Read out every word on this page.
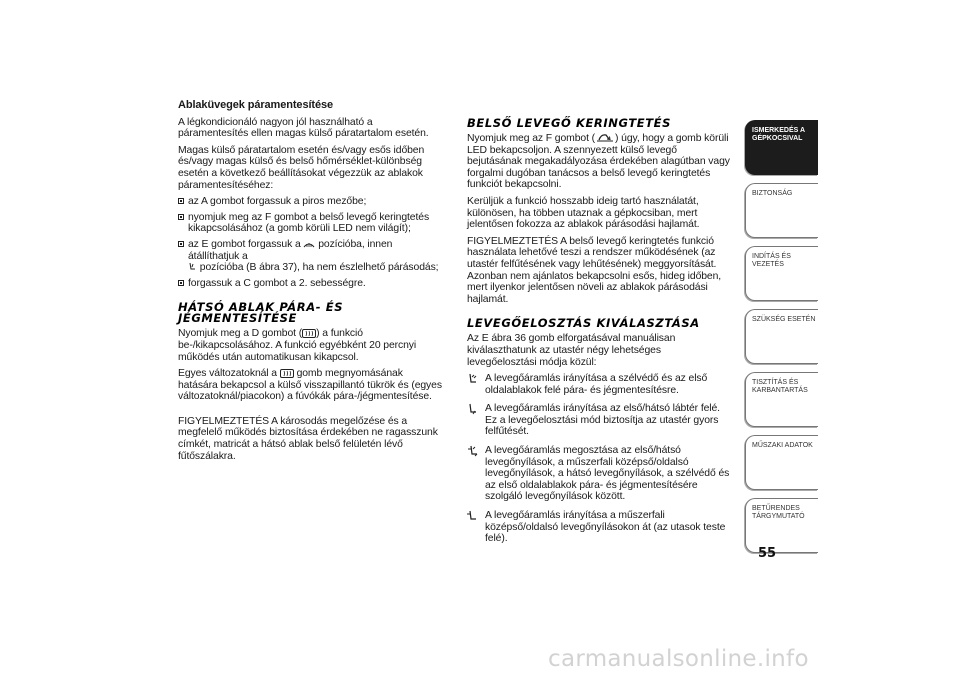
Ablaküvegek páramentesítése

A légkondicionáló nagyon jól használható a páramentesítés ellen magas külső páratartalom esetén.

Magas külső páratartalom esetén és/vagy esős időben és/vagy magas külső és belső hőmérséklet-különbség esetén a következő beállításokat végezzük az ablakok páramentesítéséhez:

az A gombot forgassuk a piros mezőbe;
nyomjuk meg az F gombot a belső levegő keringtetés kikapcsolásához (a gomb körüli LED nem világít);
az E gombot forgassuk a pozícióba, innen átállíthatjuk a
pozícióba (B ábra 37), ha nem észlelhető párásodás;
forgassuk a C gombot a 2. sebességre.
HÁTSÓ ABLAK PÁRA- ÉS JÉGMENTESÍTÉSE

Nyomjuk meg a D gombot ( ) a funkció be-/kikapcsolásához. A funkció egyébként 20 percnyi működés után automatikusan kikapcsol.

Egyes változatoknál a gomb megnyomásának hatására bekapcsol a külső visszapillantó tükrök és (egyes változatoknál/piacokon) a fúvókák pára-/jégmentesítése.

FIGYELMEZTETÉS A károsodás megelőzése és a megfelelő működés biztosítása érdekében ne ragasszunk címkét, matricát a hátsó ablak belső felületén lévő fűtőszálakra.

BELSŐ LEVEGŐ KERINGTETÉS

Nyomjuk meg az F gombot ( ) úgy, hogy a gomb körüli LED bekapcsoljon. A szennyezett külső levegő bejutásának megakadályozása érdekében alagútban vagy forgalmi dugóban tanácsos a belső levegő keringtetés funkciót bekapcsolni.

Kerüljük a funkció hosszabb ideig tartó használatát, különösen, ha többen utaznak a gépkocsiban, mert jelentősen fokozza az ablakok párásodási hajlamát.

FIGYELMEZTETÉS A belső levegő keringtetés funkció használata lehetővé teszi a rendszer működésének (az utastér felfűtésének vagy lehűtésének) meggyorsítását. Azonban nem ajánlatos bekapcsolni esős, hideg időben, mert ilyenkor jelentősen növeli az ablakok párásodási hajlamát.

LEVEGŐELOSZTÁS KIVÁLASZTÁSA

Az E ábra 36 gomb elforgatásával manuálisan kiválaszthatunk az utastér négy lehetséges levegőelosztási módja közül:

A levegőáramlás irányítása a szélvédő és az első oldalablakok felé pára- és jégmentesítésre.
A levegőáramlás irányítása az első/hátsó lábtér felé. Ez a levegőelosztási mód biztosítja az utastér gyors felfűtését.
A levegőáramlás megosztása az első/hátsó levegőnyílások, a műszerfali középső/oldalsó levegőnyílások, a hátsó levegőnyílások, a szélvédő és az első oldalablakok pára- és jégmentesítésére szolgáló levegőnyílások között.
A levegőáramlás irányítása a műszerfali középső/oldalsó levegőnyílásokon át (az utasok teste felé).
ISMERKEDÉS A GÉPKOCSIVAL
BIZTONSÁG
INDÍTÁS ÉS VEZETÉS
SZÜKSÉG ESETÉN
TISZTÍTÁS ÉS KARBANTARTÁS
MŰSZAKI ADATOK
BETŰRENDES TÁRGYMUTATÓ
55
carmanualsonline.info
